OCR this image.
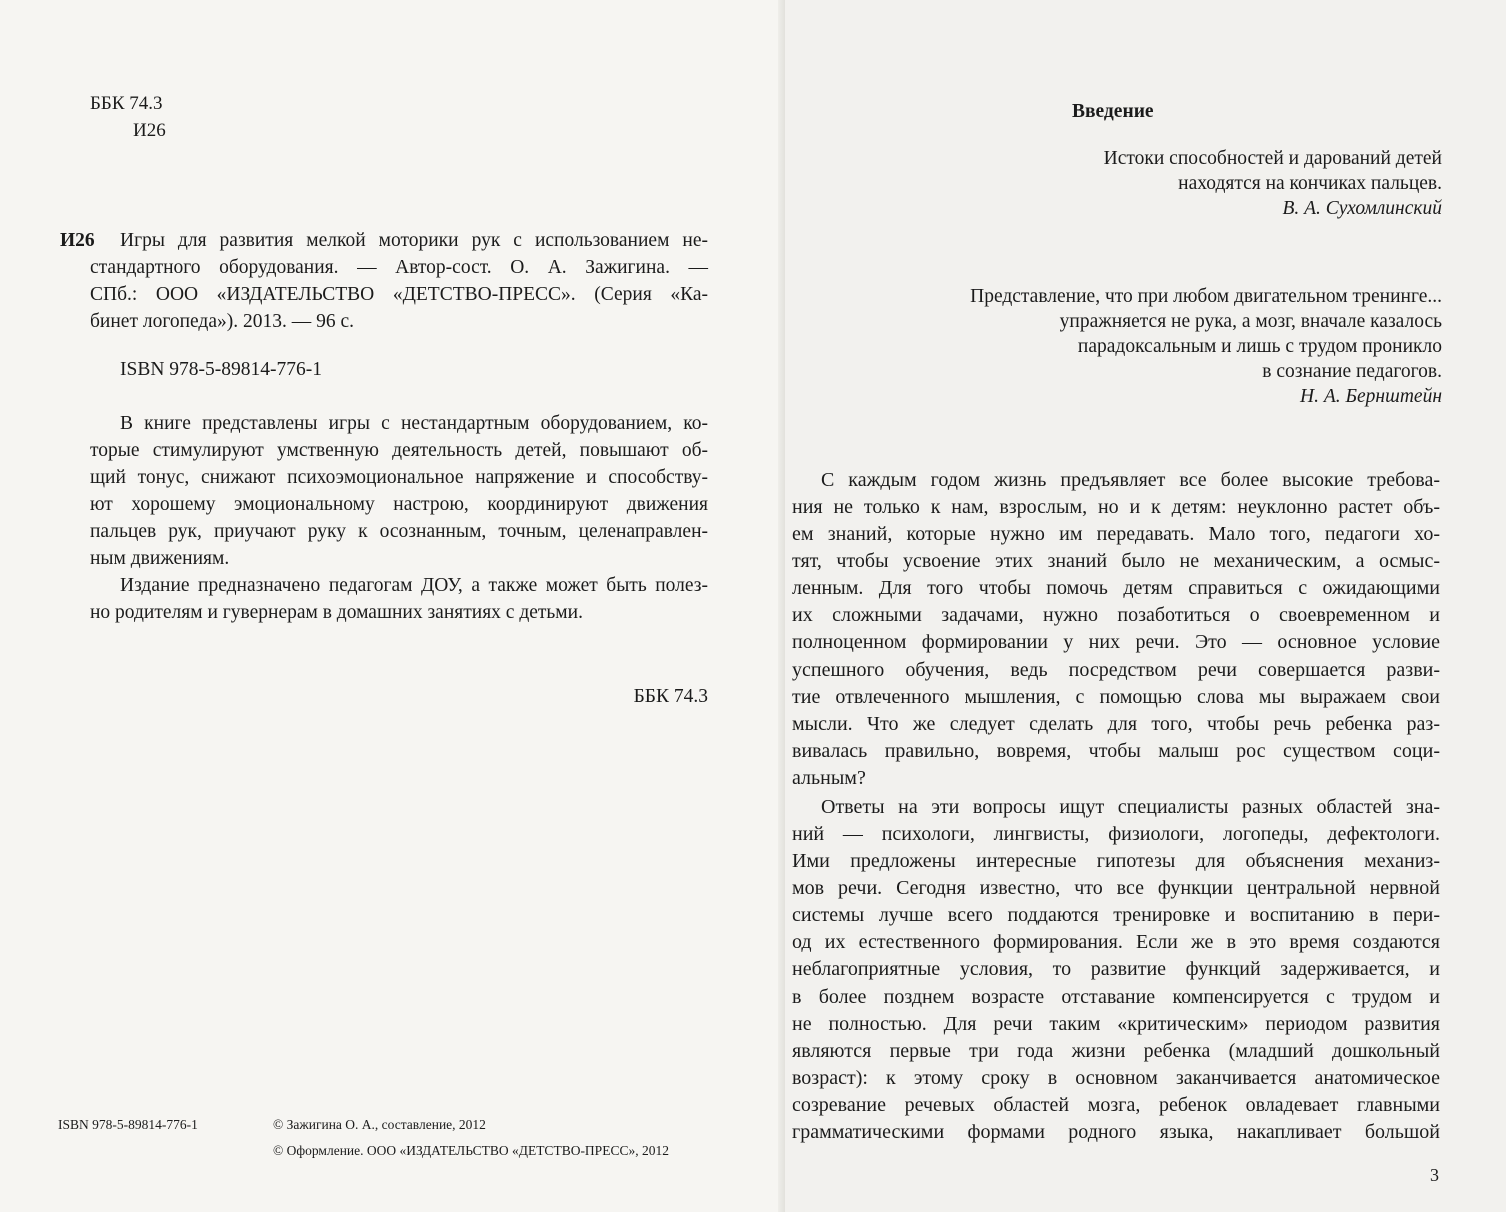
ББК 74.3
И26
И26 Игры для развития мелкой моторики рук с использованием не-
стандартного оборудования. — Автор-сост. О. А. Зажигина. —
СПб.: ООО «ИЗДАТЕЛЬСТВО «ДЕТСТВО-ПРЕСС». (Серия «Ка-
бинет логопеда»). 2013. — 96 с.
ISBN 978-5-89814-776-1
В книге представлены игры с нестандартным оборудованием, ко-
торые стимулируют умственную деятельность детей, повышают об-
щий тонус, снижают психоэмоциональное напряжение и способству-
ют хорошему эмоциональному настрою, координируют движения
пальцев рук, приучают руку к осознанным, точным, целенаправлен-
ным движениям.
Издание предназначено педагогам ДОУ, а также может быть полез-
но родителям и гувернерам в домашних занятиях с детьми.
ББК 74.3
ISBN 978-5-89814-776-1	© Зажигина О. А., составление, 2012
© Оформление. ООО «ИЗДАТЕЛЬСТВО «ДЕТСТВО-ПРЕСС», 2012
Введение
Истоки способностей и дарований детей
находятся на кончиках пальцев.
В. А. Сухомлинский
Представление, что при любом двигательном тренинге...
упражняется не рука, а мозг, вначале казалось
парадоксальным и лишь с трудом проникло
в сознание педагогов.
Н. А. Бернштейн
С каждым годом жизнь предъявляет все более высокие требова-
ния не только к нам, взрослым, но и к детям: неуклонно растет объ-
ем знаний, которые нужно им передавать. Мало того, педагоги хо-
тят, чтобы усвоение этих знаний было не механическим, а осмыс-
ленным. Для того чтобы помочь детям справиться с ожидающими
их сложными задачами, нужно позаботиться о своевременном и
полноценном формировании у них речи. Это — основное условие
успешного обучения, ведь посредством речи совершается разви-
тие отвлеченного мышления, с помощью слова мы выражаем свои
мысли. Что же следует сделать для того, чтобы речь ребенка раз-
вивалась правильно, вовремя, чтобы малыш рос существом соци-
альным?
Ответы на эти вопросы ищут специалисты разных областей зна-
ний — психологи, лингвисты, физиологи, логопеды, дефектологи.
Ими предложены интересные гипотезы для объяснения механиз-
мов речи. Сегодня известно, что все функции центральной нервной
системы лучше всего поддаются тренировке и воспитанию в пери-
од их естественного формирования. Если же в это время создаются
неблагоприятные условия, то развитие функций задерживается, и
в более позднем возрасте отставание компенсируется с трудом и
не полностью. Для речи таким «критическим» периодом развития
являются первые три года жизни ребенка (младший дошкольный
возраст): к этому сроку в основном заканчивается анатомическое
созревание речевых областей мозга, ребенок овладевает главными
грамматическими формами родного языка, накапливает большой
3
